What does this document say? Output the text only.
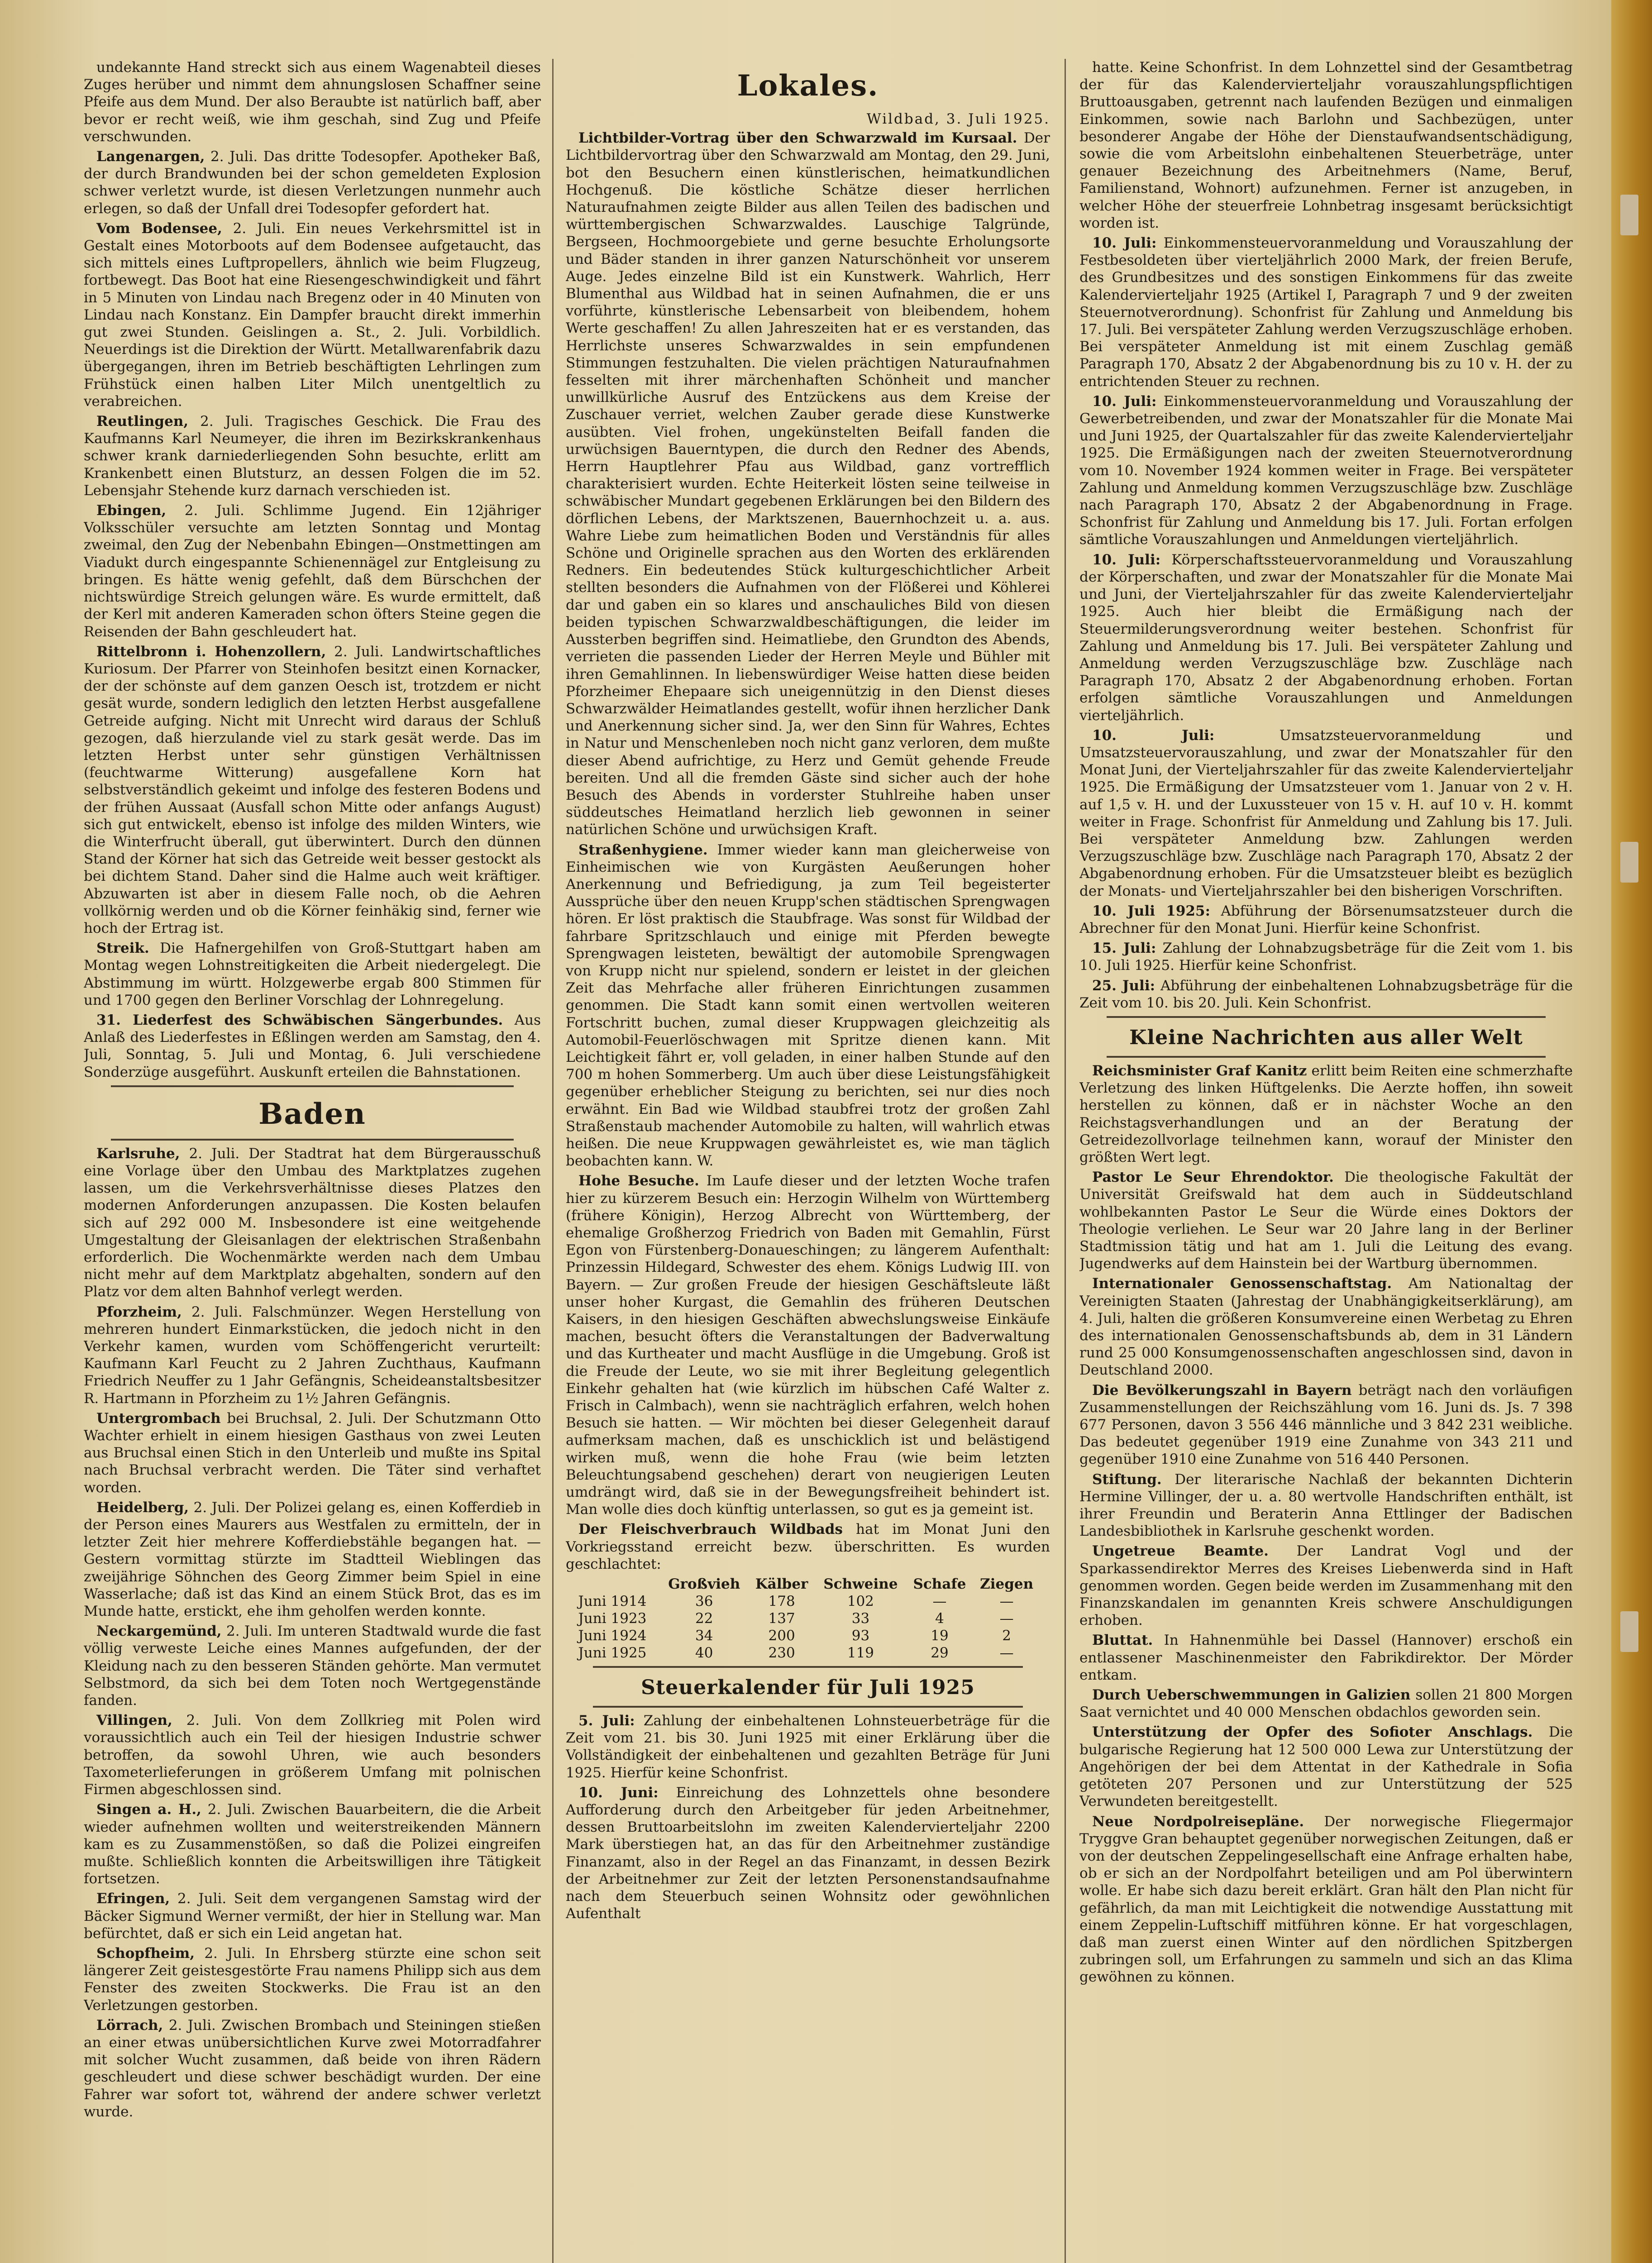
undekannte Hand streckt sich aus einem Wagenabteil dieses Zuges herüber und nimmt dem ahnungslosen Schaffner seine Pfeife aus dem Mund. Der also Beraubte ist natürlich baff, aber bevor er recht weiß, wie ihm geschah, sind Zug und Pfeife verschwunden.

Langenargen, 2. Juli. Das dritte Todesopfer. Apotheker Baß, der durch Brandwunden bei der schon gemeldeten Explosion schwer verletzt wurde, ist diesen Verletzungen nunmehr auch erlegen, so daß der Unfall drei Todesopfer gefordert hat.

Vom Bodensee, 2. Juli. Ein neues Verkehrsmittel ist in Gestalt eines Motorboots auf dem Bodensee aufgetaucht, das sich mittels eines Luftpropellers, ähnlich wie beim Flugzeug, fortbewegt. Das Boot hat eine Riesengeschwindigkeit und fährt in 5 Minuten von Lindau nach Bregenz oder in 40 Minuten von Lindau nach Konstanz. Ein Dampfer braucht direkt immerhin gut zwei Stunden. Geislingen a. St., 2. Juli. Vorbildlich. Neuerdings ist die Direktion der Württ. Metallwarenfabrik dazu übergegangen, ihren im Betrieb beschäftigten Lehrlingen zum Frühstück einen halben Liter Milch unentgeltlich zu verabreichen.

Reutlingen, 2. Juli. Tragisches Geschick. Die Frau des Kaufmanns Karl Neumeyer, die ihren im Bezirkskrankenhaus schwer krank darniederliegenden Sohn besuchte, erlitt am Krankenbett einen Blutsturz, an dessen Folgen die im 52. Lebensjahr Stehende kurz darnach verschieden ist.

Ebingen, 2. Juli. Schlimme Jugend. Ein 12jähriger Volksschüler versuchte am letzten Sonntag und Montag zweimal, den Zug der Nebenbahn Ebingen—Onstmettingen am Viadukt durch eingespannte Schienennägel zur Entgleisung zu bringen. Es hätte wenig gefehlt, daß dem Bürschchen der nichtswürdige Streich gelungen wäre. Es wurde ermittelt, daß der Kerl mit anderen Kameraden schon öfters Steine gegen die Reisenden der Bahn geschleudert hat.

Rittelbronn i. Hohenzollern, 2. Juli. Landwirtschaftliches Kuriosum. Der Pfarrer von Steinhofen besitzt einen Kornacker, der der schönste auf dem ganzen Oesch ist, trotzdem er nicht gesät wurde, sondern lediglich den letzten Herbst ausgefallene Getreide aufging. Nicht mit Unrecht wird daraus der Schluß gezogen, daß hierzulande viel zu stark gesät werde. Das im letzten Herbst unter sehr günstigen Verhältnissen (feuchtwarme Witterung) ausgefallene Korn hat selbstverständlich gekeimt und infolge des festeren Bodens und der frühen Aussaat (Ausfall schon Mitte oder anfangs August) sich gut entwickelt, ebenso ist infolge des milden Winters, wie die Winterfrucht überall, gut überwintert. Durch den dünnen Stand der Körner hat sich das Getreide weit besser gestockt als bei dichtem Stand. Daher sind die Halme auch weit kräftiger. Abzuwarten ist aber in diesem Falle noch, ob die Aehren vollkörnig werden und ob die Körner feinhäkig sind, ferner wie hoch der Ertrag ist.

Streik. Die Hafnergehilfen von Groß-Stuttgart haben am Montag wegen Lohnstreitigkeiten die Arbeit niedergelegt. Die Abstimmung im württ. Holzgewerbe ergab 800 Stimmen für und 1700 gegen den Berliner Vorschlag der Lohnregelung.

31. Liederfest des Schwäbischen Sängerbundes. Aus Anlaß des Liederfestes in Eßlingen werden am Samstag, den 4. Juli, Sonntag, 5. Juli und Montag, 6. Juli verschiedene Sonderzüge ausgeführt. Auskunft erteilen die Bahnstationen.

Baden

Karlsruhe, 2. Juli. Der Stadtrat hat dem Bürgerausschuß eine Vorlage über den Umbau des Marktplatzes zugehen lassen, um die Verkehrsverhältnisse dieses Platzes den modernen Anforderungen anzupassen. Die Kosten belaufen sich auf 292 000 M. Insbesondere ist eine weitgehende Umgestaltung der Gleisanlagen der elektrischen Straßenbahn erforderlich. Die Wochenmärkte werden nach dem Umbau nicht mehr auf dem Marktplatz abgehalten, sondern auf den Platz vor dem alten Bahnhof verlegt werden.

Pforzheim, 2. Juli. Falschmünzer. Wegen Herstellung von mehreren hundert Einmarkstücken, die jedoch nicht in den Verkehr kamen, wurden vom Schöffengericht verurteilt: Kaufmann Karl Feucht zu 2 Jahren Zuchthaus, Kaufmann Friedrich Neuffer zu 1 Jahr Gefängnis, Scheideanstaltsbesitzer R. Hartmann in Pforzheim zu 1½ Jahren Gefängnis.

Untergrombach bei Bruchsal, 2. Juli. Der Schutzmann Otto Wachter erhielt in einem hiesigen Gasthaus von zwei Leuten aus Bruchsal einen Stich in den Unterleib und mußte ins Spital nach Bruchsal verbracht werden. Die Täter sind verhaftet worden.

Heidelberg, 2. Juli. Der Polizei gelang es, einen Kofferdieb in der Person eines Maurers aus Westfalen zu ermitteln, der in letzter Zeit hier mehrere Kofferdiebstähle begangen hat. — Gestern vormittag stürzte im Stadtteil Wieblingen das zweijährige Söhnchen des Georg Zimmer beim Spiel in eine Wasserlache; daß ist das Kind an einem Stück Brot, das es im Munde hatte, erstickt, ehe ihm geholfen werden konnte.

Neckargemünd, 2. Juli. Im unteren Stadtwald wurde die fast völlig verweste Leiche eines Mannes aufgefunden, der der Kleidung nach zu den besseren Ständen gehörte. Man vermutet Selbstmord, da sich bei dem Toten noch Wertgegenstände fanden.

Villingen, 2. Juli. Von dem Zollkrieg mit Polen wird voraussichtlich auch ein Teil der hiesigen Industrie schwer betroffen, da sowohl Uhren, wie auch besonders Taxometerlieferungen in größerem Umfang mit polnischen Firmen abgeschlossen sind.

Singen a. H., 2. Juli. Zwischen Bauarbeitern, die die Arbeit wieder aufnehmen wollten und weiterstreikenden Männern kam es zu Zusammenstößen, so daß die Polizei eingreifen mußte. Schließlich konnten die Arbeitswilligen ihre Tätigkeit fortsetzen.

Efringen, 2. Juli. Seit dem vergangenen Samstag wird der Bäcker Sigmund Werner vermißt, der hier in Stellung war. Man befürchtet, daß er sich ein Leid angetan hat.

Schopfheim, 2. Juli. In Ehrsberg stürzte eine schon seit längerer Zeit geistesgestörte Frau namens Philipp sich aus dem Fenster des zweiten Stockwerks. Die Frau ist an den Verletzungen gestorben.

Lörrach, 2. Juli. Zwischen Brombach und Steiningen stießen an einer etwas unübersichtlichen Kurve zwei Motorradfahrer mit solcher Wucht zusammen, daß beide von ihren Rädern geschleudert und diese schwer beschädigt wurden. Der eine Fahrer war sofort tot, während der andere schwer verletzt wurde.

Lokales.
Wildbad, 3. Juli 1925.

Lichtbilder-Vortrag über den Schwarzwald im Kursaal. Der Lichtbildervortrag über den Schwarzwald am Montag, den 29. Juni, bot den Besuchern einen künstlerischen, heimatkundlichen Hochgenuß. Die köstliche Schätze dieser herrlichen Naturaufnahmen zeigte Bilder aus allen Teilen des badischen und württembergischen Schwarzwaldes. Lauschige Talgründe, Bergseen, Hochmoorgebiete und gerne besuchte Erholungsorte und Bäder standen in ihrer ganzen Naturschönheit vor unserem Auge. Jedes einzelne Bild ist ein Kunstwerk. Wahrlich, Herr Blumenthal aus Wildbad hat in seinen Aufnahmen, die er uns vorführte, künstlerische Lebensarbeit von bleibendem, hohem Werte geschaffen! Zu allen Jahreszeiten hat er es verstanden, das Herrlichste unseres Schwarzwaldes in sein empfundenen Stimmungen festzuhalten. Die vielen prächtigen Naturaufnahmen fesselten mit ihrer märchenhaften Schönheit und mancher unwillkürliche Ausruf des Entzückens aus dem Kreise der Zuschauer verriet, welchen Zauber gerade diese Kunstwerke ausübten. Viel frohen, ungekünstelten Beifall fanden die urwüchsigen Bauerntypen, die durch den Redner des Abends, Herrn Hauptlehrer Pfau aus Wildbad, ganz vortrefflich charakterisiert wurden. Echte Heiterkeit lösten seine teilweise in schwäbischer Mundart gegebenen Erklärungen bei den Bildern des dörflichen Lebens, der Marktszenen, Bauernhochzeit u. a. aus. Wahre Liebe zum heimatlichen Boden und Verständnis für alles Schöne und Originelle sprachen aus den Worten des erklärenden Redners. Ein bedeutendes Stück kulturgeschichtlicher Arbeit stellten besonders die Aufnahmen von der Flößerei und Köhlerei dar und gaben ein so klares und anschauliches Bild von diesen beiden typischen Schwarzwaldbeschäftigungen, die leider im Aussterben begriffen sind. Heimatliebe, den Grundton des Abends, verrieten die passenden Lieder der Herren Meyle und Bühler mit ihren Gemahlinnen. In liebenswürdiger Weise hatten diese beiden Pforzheimer Ehepaare sich uneigennützig in den Dienst dieses Schwarzwälder Heimatlandes gestellt, wofür ihnen herzlicher Dank und Anerkennung sicher sind. Ja, wer den Sinn für Wahres, Echtes in Natur und Menschenleben noch nicht ganz verloren, dem mußte dieser Abend aufrichtige, zu Herz und Gemüt gehende Freude bereiten. Und all die fremden Gäste sind sicher auch der hohe Besuch des Abends in vorderster Stuhlreihe haben unser süddeutsches Heimatland herzlich lieb gewonnen in seiner natürlichen Schöne und urwüchsigen Kraft.

Straßenhygiene. Immer wieder kann man gleicherweise von Einheimischen wie von Kurgästen Aeußerungen hoher Anerkennung und Befriedigung, ja zum Teil begeisterter Aussprüche über den neuen Krupp'schen städtischen Sprengwagen hören. Er löst praktisch die Staubfrage. Was sonst für Wildbad der fahrbare Spritzschlauch und einige mit Pferden bewegte Sprengwagen leisteten, bewältigt der automobile Sprengwagen von Krupp nicht nur spielend, sondern er leistet in der gleichen Zeit das Mehrfache aller früheren Einrichtungen zusammen genommen. Die Stadt kann somit einen wertvollen weiteren Fortschritt buchen, zumal dieser Kruppwagen gleichzeitig als Automobil-Feuerlöschwagen mit Spritze dienen kann. Mit Leichtigkeit fährt er, voll geladen, in einer halben Stunde auf den 700 m hohen Sommerberg. Um auch über diese Leistungsfähigkeit gegenüber erheblicher Steigung zu berichten, sei nur dies noch erwähnt. Ein Bad wie Wildbad staubfrei trotz der großen Zahl Straßenstaub machender Automobile zu halten, will wahrlich etwas heißen. Die neue Kruppwagen gewährleistet es, wie man täglich beobachten kann. W.

Hohe Besuche. Im Laufe dieser und der letzten Woche trafen hier zu kürzerem Besuch ein: Herzogin Wilhelm von Württemberg (frühere Königin), Herzog Albrecht von Württemberg, der ehemalige Großherzog Friedrich von Baden mit Gemahlin, Fürst Egon von Fürstenberg-Donaueschingen; zu längerem Aufenthalt: Prinzessin Hildegard, Schwester des ehem. Königs Ludwig III. von Bayern. — Zur großen Freude der hiesigen Geschäftsleute läßt unser hoher Kurgast, die Gemahlin des früheren Deutschen Kaisers, in den hiesigen Geschäften abwechslungsweise Einkäufe machen, besucht öfters die Veranstaltungen der Badverwaltung und das Kurtheater und macht Ausflüge in die Umgebung. Groß ist die Freude der Leute, wo sie mit ihrer Begleitung gelegentlich Einkehr gehalten hat (wie kürzlich im hübschen Café Walter z. Frisch in Calmbach), wenn sie nachträglich erfahren, welch hohen Besuch sie hatten. — Wir möchten bei dieser Gelegenheit darauf aufmerksam machen, daß es unschicklich ist und belästigend wirken muß, wenn die hohe Frau (wie beim letzten Beleuchtungsabend geschehen) derart von neugierigen Leuten umdrängt wird, daß sie in der Bewegungsfreiheit behindert ist. Man wolle dies doch künftig unterlassen, so gut es ja gemeint ist.

Der Fleischverbrauch Wildbads hat im Monat Juni den Vorkriegsstand erreicht bezw. überschritten. Es wurden geschlachtet:

	Großvieh	Kälber	Schweine	Schafe	Ziegen
Juni 1914	36	178	102	—	—
Juni 1923	22	137	33	4	—
Juni 1924	34	200	93	19	2
Juni 1925	40	230	119	29	—
Steuerkalender für Juli 1925

5. Juli: Zahlung der einbehaltenen Lohnsteuerbeträge für die Zeit vom 21. bis 30. Juni 1925 mit einer Erklärung über die Vollständigkeit der einbehaltenen und gezahlten Beträge für Juni 1925. Hierfür keine Schonfrist.

10. Juni: Einreichung des Lohnzettels ohne besondere Aufforderung durch den Arbeitgeber für jeden Arbeitnehmer, dessen Bruttoarbeitslohn im zweiten Kalendervierteljahr 2200 Mark überstiegen hat, an das für den Arbeitnehmer zuständige Finanzamt, also in der Regel an das Finanzamt, in dessen Bezirk der Arbeitnehmer zur Zeit der letzten Personenstandsaufnahme nach dem Steuerbuch seinen Wohnsitz oder gewöhnlichen Aufenthalt

hatte. Keine Schonfrist. In dem Lohnzettel sind der Gesamtbetrag der für das Kalendervierteljahr vorauszahlungspflichtigen Bruttoausgaben, getrennt nach laufenden Bezügen und einmaligen Einkommen, sowie nach Barlohn und Sachbezügen, unter besonderer Angabe der Höhe der Dienstaufwandsentschädigung, sowie die vom Arbeitslohn einbehaltenen Steuerbeträge, unter genauer Bezeichnung des Arbeitnehmers (Name, Beruf, Familienstand, Wohnort) aufzunehmen. Ferner ist anzugeben, in welcher Höhe der steuerfreie Lohnbetrag insgesamt berücksichtigt worden ist.

10. Juli: Einkommensteuervoranmeldung und Vorauszahlung der Festbesoldeten über vierteljährlich 2000 Mark, der freien Berufe, des Grundbesitzes und des sonstigen Einkommens für das zweite Kalendervierteljahr 1925 (Artikel I, Paragraph 7 und 9 der zweiten Steuernotverordnung). Schonfrist für Zahlung und Anmeldung bis 17. Juli. Bei verspäteter Zahlung werden Verzugszuschläge erhoben. Bei verspäteter Anmeldung ist mit einem Zuschlag gemäß Paragraph 170, Absatz 2 der Abgabenordnung bis zu 10 v. H. der zu entrichtenden Steuer zu rechnen.

10. Juli: Einkommensteuervoranmeldung und Vorauszahlung der Gewerbetreibenden, und zwar der Monatszahler für die Monate Mai und Juni 1925, der Quartalszahler für das zweite Kalendervierteljahr 1925. Die Ermäßigungen nach der zweiten Steuernotverordnung vom 10. November 1924 kommen weiter in Frage. Bei verspäteter Zahlung und Anmeldung kommen Verzugszuschläge bzw. Zuschläge nach Paragraph 170, Absatz 2 der Abgabenordnung in Frage. Schonfrist für Zahlung und Anmeldung bis 17. Juli. Fortan erfolgen sämtliche Vorauszahlungen und Anmeldungen vierteljährlich.

10. Juli: Körperschaftssteuervoranmeldung und Vorauszahlung der Körperschaften, und zwar der Monatszahler für die Monate Mai und Juni, der Vierteljahrszahler für das zweite Kalendervierteljahr 1925. Auch hier bleibt die Ermäßigung nach der Steuermilderungsverordnung weiter bestehen. Schonfrist für Zahlung und Anmeldung bis 17. Juli. Bei verspäteter Zahlung und Anmeldung werden Verzugszuschläge bzw. Zuschläge nach Paragraph 170, Absatz 2 der Abgabenordnung erhoben. Fortan erfolgen sämtliche Vorauszahlungen und Anmeldungen vierteljährlich.

10. Juli:	Umsatzsteuervoranmeldung und Umsatzsteuervorauszahlung, und zwar der Monatszahler für den Monat Juni, der Vierteljahrszahler für das zweite Kalendervierteljahr 1925. Die Ermäßigung der Umsatzsteuer vom 1. Januar von 2 v. H. auf 1,5 v. H. und der Luxussteuer von 15 v. H. auf 10 v. H. kommt weiter in Frage. Schonfrist für Anmeldung und Zahlung bis 17. Juli. Bei verspäteter Anmeldung bzw. Zahlungen werden Verzugszuschläge bzw. Zuschläge nach Paragraph 170, Absatz 2 der Abgabenordnung erhoben. Für die Umsatzsteuer bleibt es bezüglich der Monats- und Vierteljahrszahler bei den bisherigen Vorschriften.

10. Juli 1925: Abführung der Börsenumsatzsteuer durch die Abrechner für den Monat Juni. Hierfür keine Schonfrist.

15. Juli: Zahlung der Lohnabzugsbeträge für die Zeit vom 1. bis 10. Juli 1925. Hierfür keine Schonfrist.

25. Juli: Abführung der einbehaltenen Lohnabzugsbeträge für die Zeit vom 10. bis 20. Juli. Kein Schonfrist.

Kleine Nachrichten aus aller Welt

Reichsminister Graf Kanitz erlitt beim Reiten eine schmerzhafte Verletzung des linken Hüftgelenks. Die Aerzte hoffen, ihn soweit herstellen zu können, daß er in nächster Woche an den Reichstagsverhandlungen und an der Beratung der Getreidezollvorlage teilnehmen kann, worauf der Minister den größten Wert legt.

Pastor Le Seur Ehrendoktor. Die theologische Fakultät der Universität Greifswald hat dem auch in Süddeutschland wohlbekannten Pastor Le Seur die Würde eines Doktors der Theologie verliehen. Le Seur war 20 Jahre lang in der Berliner Stadtmission tätig und hat am 1. Juli die Leitung des evang. Jugendwerks auf dem Hainstein bei der Wartburg übernommen.

Internationaler Genossenschaftstag. Am Nationaltag der Vereinigten Staaten (Jahrestag der Unabhängigkeitserklärung), am 4. Juli, halten die größeren Konsumvereine einen Werbetag zu Ehren des internationalen Genossenschaftsbunds ab, dem in 31 Ländern rund 25 000 Konsumgenossenschaften angeschlossen sind, davon in Deutschland 2000.

Die Bevölkerungszahl in Bayern beträgt nach den vorläufigen Zusammenstellungen der Reichszählung vom 16. Juni ds. Js. 7 398 677 Personen, davon 3 556 446 männliche und 3 842 231 weibliche. Das bedeutet gegenüber 1919 eine Zunahme von 343 211 und gegenüber 1910 eine Zunahme von 516 440 Personen.

Stiftung. Der literarische Nachlaß der bekannten Dichterin Hermine Villinger, der u. a. 80 wertvolle Handschriften enthält, ist ihrer Freundin und Beraterin Anna Ettlinger der Badischen Landesbibliothek in Karlsruhe geschenkt worden.

Ungetreue Beamte. Der Landrat Vogl und der Sparkassendirektor Merres des Kreises Liebenwerda sind in Haft genommen worden. Gegen beide werden im Zusammenhang mit den Finanzskandalen im genannten Kreis schwere Anschuldigungen erhoben.

Bluttat. In Hahnenmühle bei Dassel (Hannover) erschoß ein entlassener Maschinenmeister den Fabrikdirektor. Der Mörder entkam.

Durch Ueberschwemmungen in Galizien sollen 21 800 Morgen Saat vernichtet und 40 000 Menschen obdachlos geworden sein.

Unterstützung der Opfer des Sofioter Anschlags. Die bulgarische Regierung hat 12 500 000 Lewa zur Unterstützung der Angehörigen der bei dem Attentat in der Kathedrale in Sofia getöteten 207 Personen und zur Unterstützung der 525 Verwundeten bereitgestellt.

Neue Nordpolreisepläne. Der norwegische Fliegermajor Tryggve Gran behauptet gegenüber norwegischen Zeitungen, daß er von der deutschen Zeppelingesellschaft eine Anfrage erhalten habe, ob er sich an der Nordpolfahrt beteiligen und am Pol überwintern wolle. Er habe sich dazu bereit erklärt. Gran hält den Plan nicht für gefährlich, da man mit Leichtigkeit die notwendige Ausstattung mit einem Zeppelin-Luftschiff mitführen könne. Er hat vorgeschlagen, daß man zuerst einen Winter auf den nördlichen Spitzbergen zubringen soll, um Erfahrungen zu sammeln und sich an das Klima gewöhnen zu können.
